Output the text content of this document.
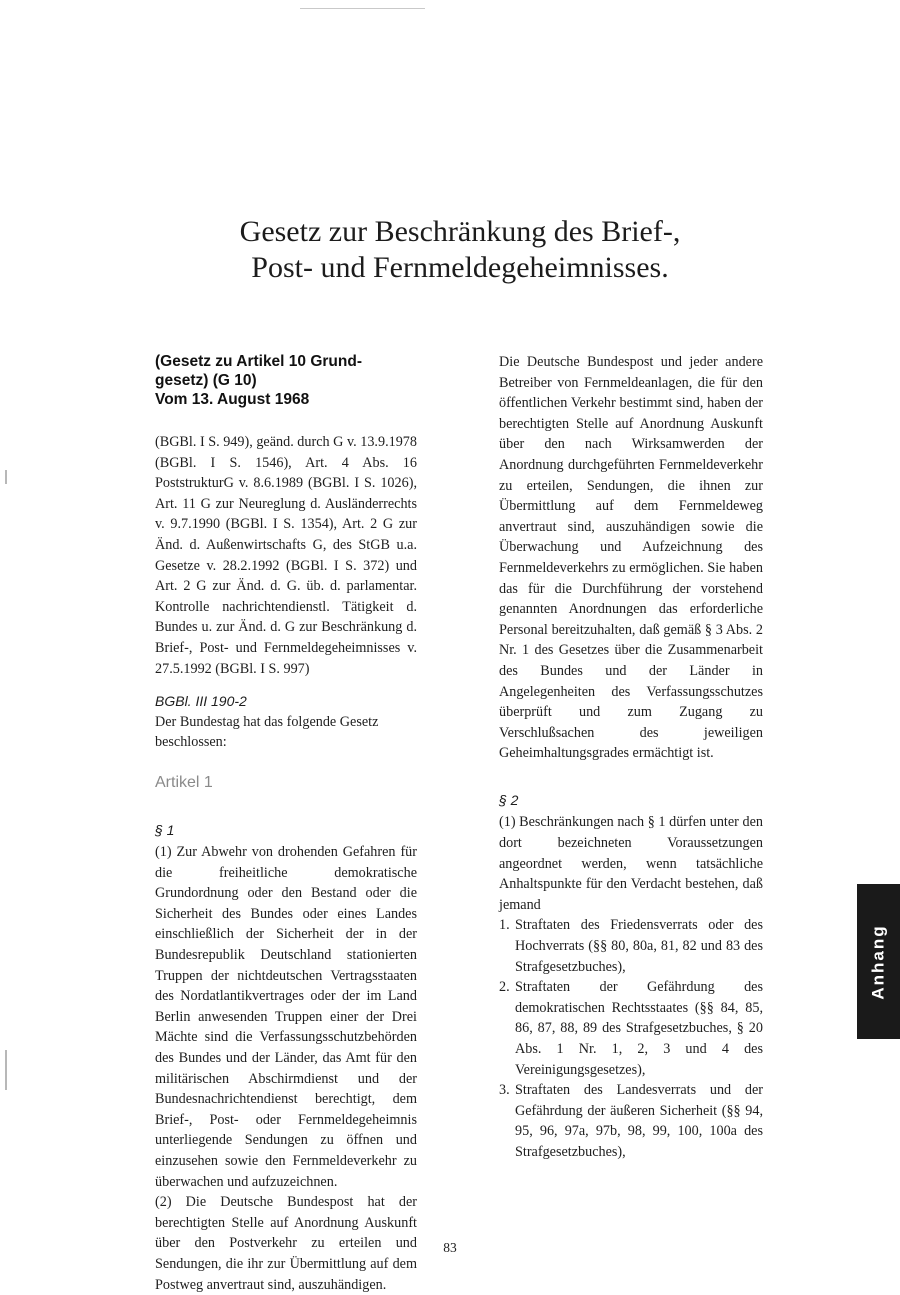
Gesetz zur Beschränkung des Brief-,
Post- und Fernmeldegeheimnisses.
(Gesetz zu Artikel 10 Grund-
gesetz) (G 10)
Vom 13. August 1968

(BGBl. I S. 949), geänd. durch G v. 13.9.1978 (BGBl. I S. 1546), Art. 4 Abs. 16 PoststrukturG v. 8.6.1989 (BGBl. I S. 1026), Art. 11 G zur Neureglung d. Ausländerrechts v. 9.7.1990 (BGBl. I S. 1354), Art. 2 G zur Änd. d. Außenwirtschafts G, des StGB u.a. Gesetze v. 28.2.1992 (BGBl. I S. 372) und Art. 2 G zur Änd. d. G. üb. d. parlamentar. Kontrolle nachrichtendienstl. Tätigkeit d. Bundes u. zur Änd. d. G zur Beschränkung d. Brief-, Post- und Fernmeldegeheimnisses v. 27.5.1992 (BGBl. I S. 997)

BGBl. III 190-2

Der Bundestag hat das folgende Gesetz beschlossen:

Artikel 1
§ 1

(1) Zur Abwehr von drohenden Gefahren für die freiheitliche demokratische Grundordnung oder den Bestand oder die Sicherheit des Bundes oder eines Landes einschließlich der Sicherheit der in der Bundesrepublik Deutschland stationierten Truppen der nichtdeutschen Vertragsstaaten des Nordatlantikvertrages oder der im Land Berlin anwesenden Truppen einer der Drei Mächte sind die Verfassungsschutzbehörden des Bundes und der Länder, das Amt für den militärischen Abschirmdienst und der Bundesnachrichtendienst berechtigt, dem Brief-, Post- oder Fernmeldegeheimnis unterliegende Sendungen zu öffnen und einzusehen sowie den Fernmeldeverkehr zu überwachen und aufzuzeichnen.

(2) Die Deutsche Bundespost hat der berechtigten Stelle auf Anordnung Auskunft über den Postverkehr zu erteilen und Sendungen, die ihr zur Übermittlung auf dem Postweg anvertraut sind, auszuhändigen.

Die Deutsche Bundespost und jeder andere Betreiber von Fernmeldeanlagen, die für den öffentlichen Verkehr bestimmt sind, haben der berechtigten Stelle auf Anordnung Auskunft über den nach Wirksamwerden der Anordnung durchgeführten Fernmeldeverkehr zu erteilen, Sendungen, die ihnen zur Übermittlung auf dem Fernmeldeweg anvertraut sind, auszuhändigen sowie die Überwachung und Aufzeichnung des Fernmeldeverkehrs zu ermöglichen. Sie haben das für die Durchführung der vorstehend genannten Anordnungen das erforderliche Personal bereitzuhalten, daß gemäß § 3 Abs. 2 Nr. 1 des Gesetzes über die Zusammenarbeit des Bundes und der Länder in Angelegenheiten des Verfassungsschutzes überprüft und zum Zugang zu Verschlußsachen des jeweiligen Geheimhaltungsgrades ermächtigt ist.

§ 2

(1) Beschränkungen nach § 1 dürfen unter den dort bezeichneten Voraussetzungen angeordnet werden, wenn tatsächliche Anhaltspunkte für den Verdacht bestehen, daß jemand

1. Straftaten des Friedensverrats oder des Hochverrats (§§ 80, 80a, 81, 82 und 83 des Strafgesetzbuches),
2. Straftaten der Gefährdung des demokratischen Rechtsstaates (§§ 84, 85, 86, 87, 88, 89 des Strafgesetzbuches, § 20 Abs. 1 Nr. 1, 2, 3 und 4 des Vereinigungsgesetzes),
3. Straftaten des Landesverrats und der Gefährdung der äußeren Sicherheit (§§ 94, 95, 96, 97a, 97b, 98, 99, 100, 100a des Strafgesetzbuches),
Anhang
83
